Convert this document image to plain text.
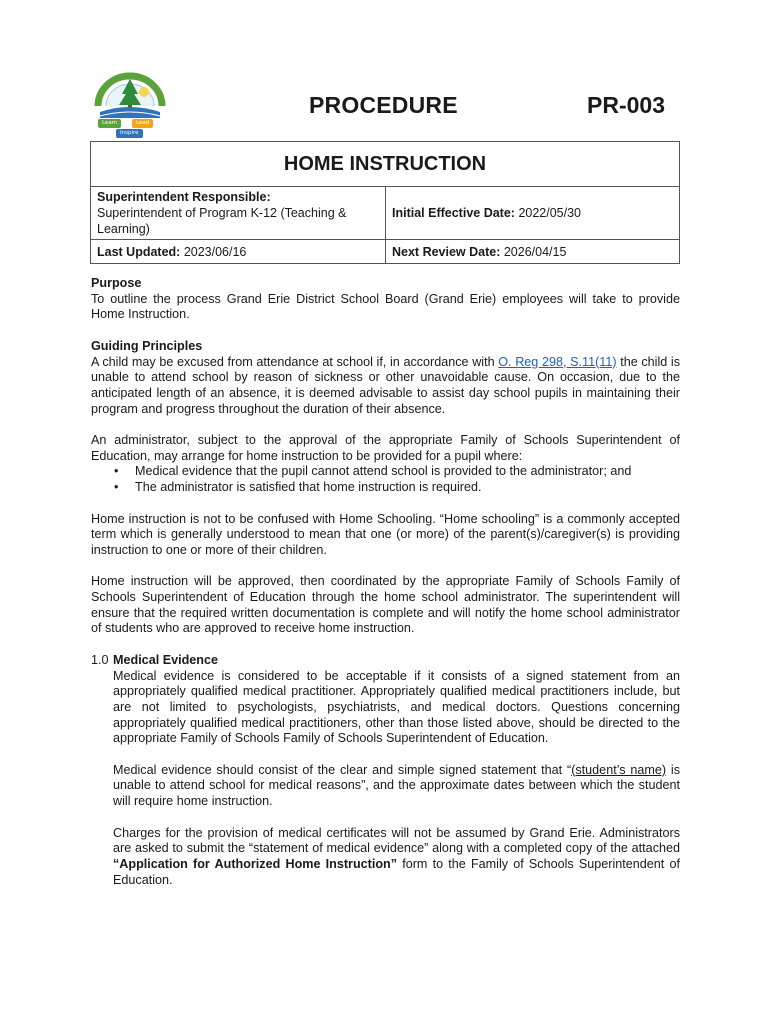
Learn	Lead
Inspire
PROCEDURE	PR-003
HOME INSTRUCTION	
Superintendent Responsible:
Superintendent of Program K-12 (Teaching & Learning)	Initial Effective Date: 2022/05/30
Last Updated: 2023/06/16	Next Review Date: 2026/04/15

Purpose

To outline the process Grand Erie District School Board (Grand Erie) employees will take to provide Home Instruction.

Guiding Principles

A child may be excused from attendance at school if, in accordance with O. Reg 298, S.11(11) the child is unable to attend school by reason of sickness or other unavoidable cause. On occasion, due to the anticipated length of an absence, it is deemed advisable to assist day school pupils in maintaining their program and progress throughout the duration of their absence.

An administrator, subject to the approval of the appropriate Family of Schools Superintendent of Education, may arrange for home instruction to be provided for a pupil where:

• Medical evidence that the pupil cannot attend school is provided to the administrator; and
• The administrator is satisfied that home instruction is required.

Home instruction is not to be confused with Home Schooling. “Home schooling” is a commonly accepted term which is generally understood to mean that one (or more) of the parent(s)/caregiver(s) is providing instruction to one or more of their children.

Home instruction will be approved, then coordinated by the appropriate Family of Schools Family of Schools Superintendent of Education through the home school administrator. The superintendent will ensure that the required written documentation is complete and will notify the home school administrator of students who are approved to receive home instruction.

1.0 Medical Evidence

Medical evidence is considered to be acceptable if it consists of a signed statement from an appropriately qualified medical practitioner. Appropriately qualified medical practitioners include, but are not limited to psychologists, psychiatrists, and medical doctors. Questions concerning appropriately qualified medical practitioners, other than those listed above, should be directed to the appropriate Family of Schools Family of Schools Superintendent of Education.

Medical evidence should consist of the clear and simple signed statement that “(student’s name) is unable to attend school for medical reasons”, and the approximate dates between which the student will require home instruction.

Charges for the provision of medical certificates will not be assumed by Grand Erie. Administrators are asked to submit the “statement of medical evidence” along with a completed copy of the attached “Application for Authorized Home Instruction” form to the Family of Schools Superintendent of Education.
